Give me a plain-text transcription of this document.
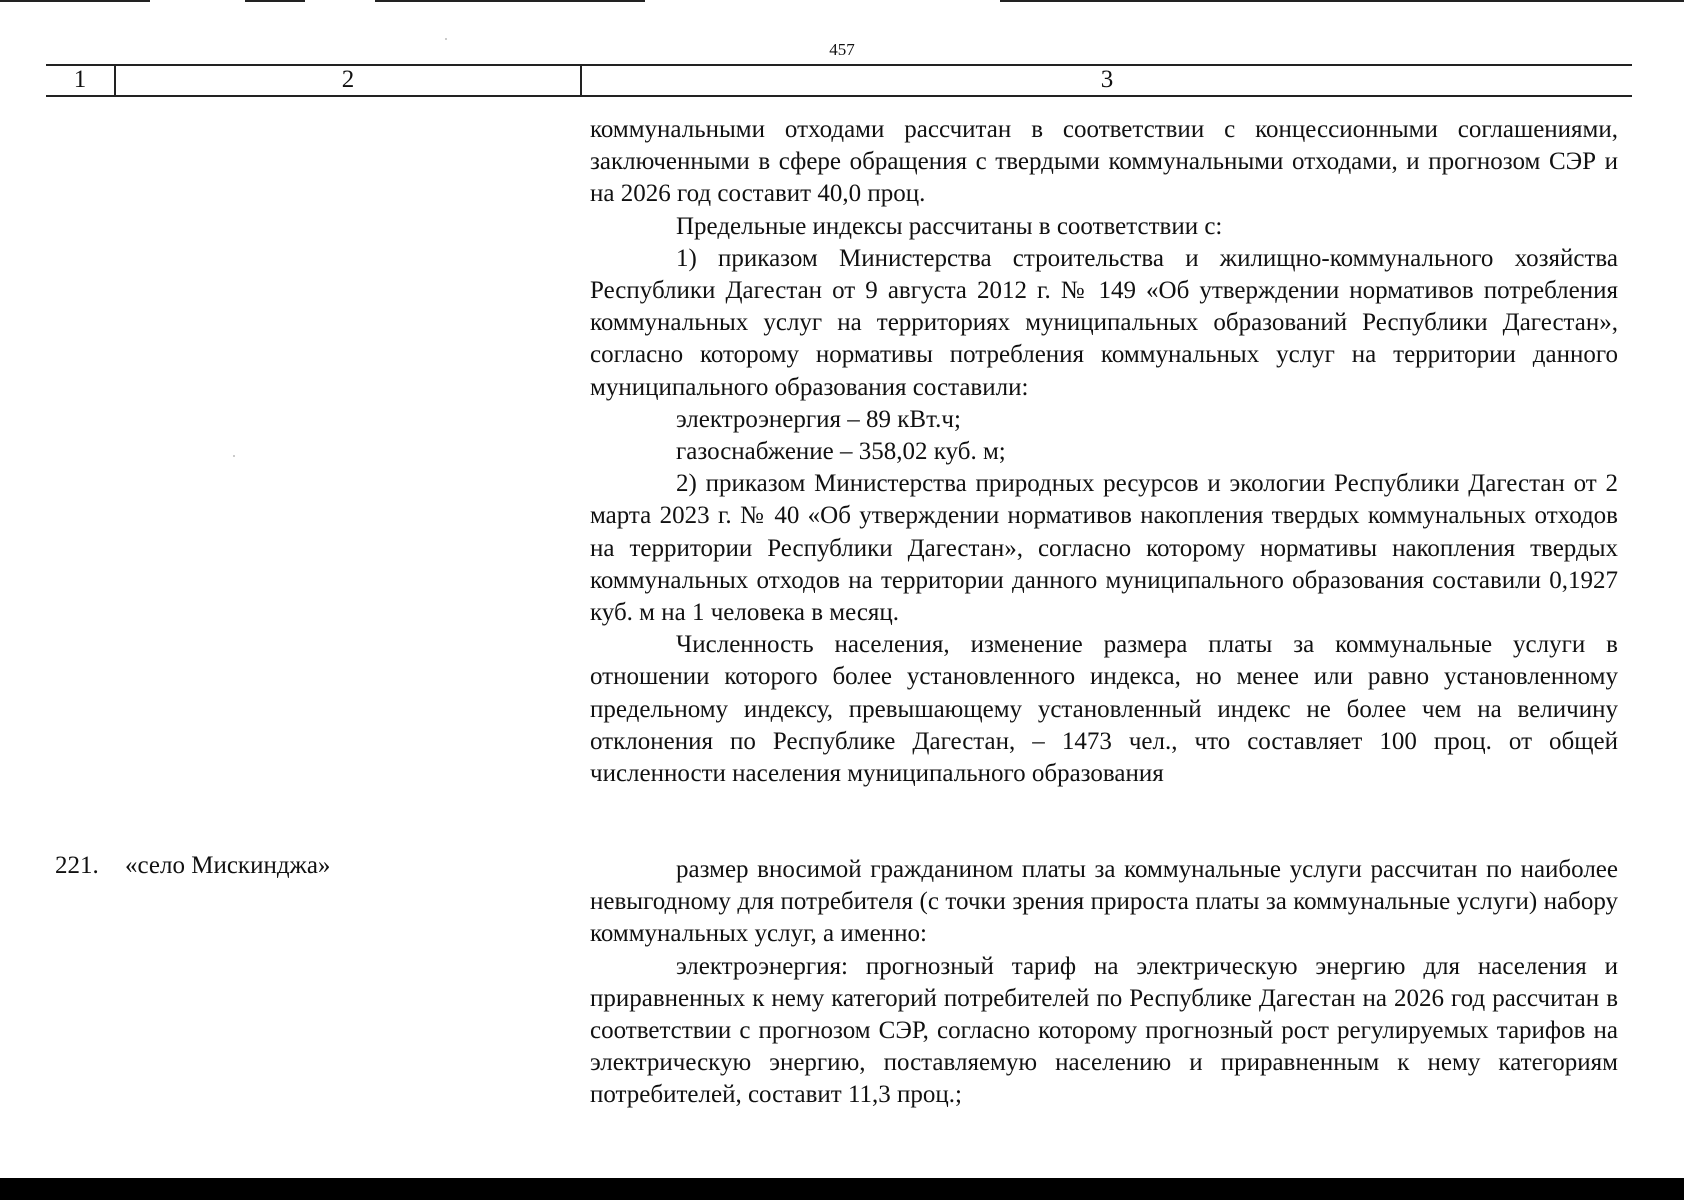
457
1	2	3

коммунальными отходами рассчитан в соответствии с концессионными соглашениями, заключенными в сфере обращения с твердыми коммунальными отходами, и прогнозом СЭР и на 2026 год составит 40,0 проц.

Предельные индексы рассчитаны в соответствии с:

1) приказом Министерства строительства и жилищно-коммунального хозяйства Республики Дагестан от 9 августа 2012 г. № 149 «Об утверждении нормативов потребления коммунальных услуг на территориях муниципальных образований Республики Дагестан», согласно которому нормативы потребления коммунальных услуг на территории данного муниципального образования составили:

электроэнергия – 89 кВт.ч;

газоснабжение – 358,02 куб. м;

2) приказом Министерства природных ресурсов и экологии Республики Дагестан от 2 марта 2023 г. № 40 «Об утверждении нормативов накопления твердых коммунальных отходов на территории Республики Дагестан», согласно которому нормативы накопления твердых коммунальных отходов на территории данного муниципального образования составили 0,1927 куб. м на 1 человека в месяц.

Численность населения, изменение размера платы за коммунальные услуги в отношении которого более установленного индекса, но менее или равно установленному предельному индексу, превышающему установленный индекс не более чем на величину отклонения по Республике Дагестан, – 1473 чел., что составляет 100 проц. от общей численности населения муниципального образования

221. «село Мискинджа»	размер вносимой гражданином платы за коммунальные услуги рассчитан по наиболее невыгодному для потребителя (с точки зрения прироста платы за коммунальные услуги) набору коммунальных услуг, а именно:

электроэнергия: прогнозный тариф на электрическую энергию для населения и приравненных к нему категорий потребителей по Республике Дагестан на 2026 год рассчитан в соответствии с прогнозом СЭР, согласно которому прогнозный рост регулируемых тарифов на электрическую энергию, поставляемую населению и приравненным к нему категориям потребителей, составит 11,3 проц.;
